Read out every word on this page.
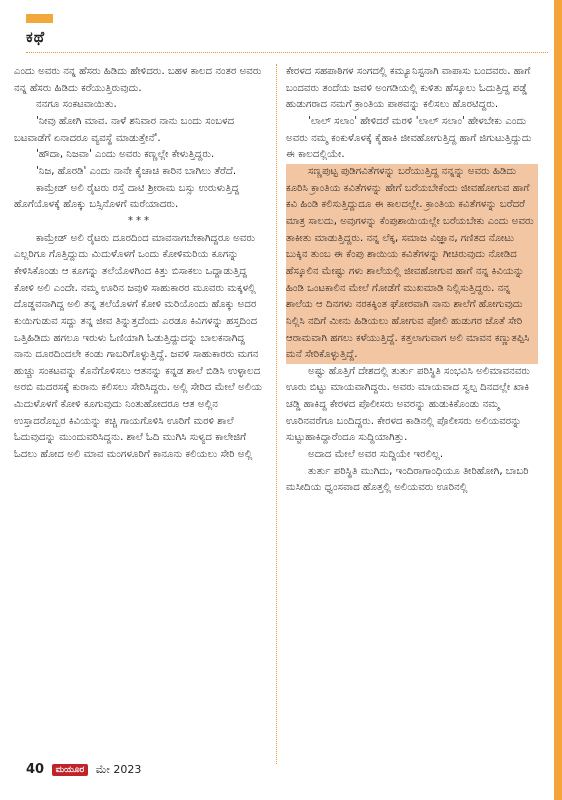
ಕಥೆ

ಎಂದು ಅವರು ನನ್ನ ಹೆಸರು ಹಿಡಿದು ಹೇಳಿದರು. ಬಹಳ ಕಾಲದ ನಂತರ ಅವರು ನನ್ನ ಹೆಸರು ಹಿಡಿದು ಕರೆಯುತ್ತಿರುವುದು.

ನನಗೂ ಸಂಕಟವಾಯಿತು.

'ನೀವು ಹೋಗಿ ಮಾವ. ನಾಳೆ ಶನಿವಾರ ನಾನು ಬಂದು ಸಂಬಳದ ಬಟವಾಡೆಗೆ ಏನಾದರೂ ವ್ಯವಸ್ಥೆ ಮಾಡುತ್ತೇನೆ'.

'ಹೌದಾ, ನಿಜವಾ' ಎಂದು ಅವರು ಕಣ್ಣಲ್ಲೇ ಕೇಳುತ್ತಿದ್ದರು.

'ನಿಜ, ಹೊರಡಿ' ಎಂದು ನಾನೇ ಕೈಚಾಚಿ ಕಾರಿನ ಬಾಗಿಲು ತೆರೆದೆ.

ಕಾಮ್ರೇಡ್ ಅಲಿ ರೈಟರು ರಸ್ತೆ ದಾಟಿ ಶ್ರೀರಾಮ ಬಸ್ಸು ಉರುಳುತ್ತಿದ್ದ ಹೊಗೆಯೊಳಕ್ಕೆ ಹೊಕ್ಕು ಬಸ್ಸಿನೊಳಗೆ ಮರೆಯಾದರು.

***

ಕಾಮ್ರೇಡ್ ಅಲಿ ರೈಟರು ದೂರದಿಂದ ಮಾವನಾಗಬೇಕಾಗಿದ್ದರೂ ಅವರು ಎಲ್ಲರಿಗೂ ಗೊತ್ತಿದ್ದುದು ಮಿದುಳೊಳಗೆ ಒಂದು ಕೋಳಿಮರಿಯ ಕೂಗನ್ನು ಕೇಳಿಸಿಕೊಂಡು ಆ ಕೂಗನ್ನು ತಲೆಯೊಳಗಿಂದ ಕಿತ್ತು ಬಿಸಾಕಲು ಒದ್ದಾಡುತ್ತಿದ್ದ ಕೋಳಿ ಅಲಿ ಎಂದೇ. ನಮ್ಮ ಊರಿನ ಜವುಳಿ ಸಾಹುಕಾರರ ಮೂವರು ಮಕ್ಕಳಲ್ಲಿ ದೊಡ್ಡವನಾಗಿದ್ದ ಅಲಿ ತನ್ನ ತಲೆಯೊಳಗೆ ಕೋಳಿ ಮರಿಯೊಂದು ಹೊಕ್ಕು ಅದರ ಕುಯಿಗುಡುವ ಸದ್ದು ತನ್ನ ಜೀವ ತಿನ್ನುತ್ತದೆಂದು ಎರಡೂ ಕಿವಿಗಳನ್ನು ಹಸ್ತದಿಂದ ಒತ್ತಿಹಿಡಿದು ಹಗಲೂ ಇರುಳು ಓಣಿಯಾಗಿ ಓಡುತ್ತಿದ್ದುದನ್ನು ಬಾಲಕನಾಗಿದ್ದ ನಾನು ದೂರದಿಂದಲೇ ಕಂಡು ಗಾಬರಿಗೊಳ್ಳುತ್ತಿದ್ದೆ. ಜವಳಿ ಸಾಹುಕಾರರು ಮಗನ ಹುಚ್ಚು ಸಂಕಟವನ್ನು ಕೊನೆಗೊಳಿಸಲು ಆತನನ್ನು ಕನ್ನಡ ಶಾಲೆ ಬಿಡಿಸಿ ಉಳ್ಳಾಲದ ಅರಬಿ ಮದರಸಕ್ಕೆ ಕುರಾನು ಕಲಿಸಲು ಸೇರಿಸಿದ್ದರು. ಅಲ್ಲಿ ಸೇರಿದ ಮೇಲೆ ಅಲಿಯ ಮಿದುಳೊಳಗೆ ಕೋಳಿ ಕೂಗುವುದು ನಿಂತುಹೋದರೂ ಆತ ಅಲ್ಲಿನ ಉಸ್ತಾದರೊಬ್ಬರ ಕಿವಿಯನ್ನು ಕಚ್ಚಿ ಗಾಯಗೊಳಿಸಿ ಊರಿಗೆ ಮರಳಿ ಶಾಲೆ ಓದುವುದನ್ನು ಮುಂದುವರಿಸಿದ್ದನು. ಶಾಲೆ ಓದಿ ಮುಗಿಸಿ ಸುಳ್ಯದ ಕಾಲೇಜಿಗೆ ಓದಲು ಹೋದ ಅಲಿ ಮಾವ ಮಂಗಳೂರಿಗೆ ಕಾನೂನು ಕಲಿಯಲು ಸೇರಿ ಅಲ್ಲಿ

ಕೇರಳದ ಸಹಪಾಠಿಗಳ ಸಂಗದಲ್ಲಿ ಕಮ್ಯೂನಿಸ್ಟನಾಗಿ ವಾಪಾಸು ಬಂದವರು. ಹಾಗೆ ಬಂದವರು ತಂದೆಯ ಜವಳಿ ಅಂಗಡಿಯಲ್ಲಿ ಕುಳಿತು ಹೆಸ್ಕೂಲು ಓದುತ್ತಿದ್ದ ಪಡ್ಡೆ ಹುಡುಗರಾದ ನಮಗೆ ಕ್ರಾಂತಿಯ ಪಾಠವನ್ನು ಕಲಿಸಲು ಹೊರಟಿದ್ದರು.

'ಲಾಲ್ ಸಲಾಂ' ಹೇಳಿದರೆ ಮರಳಿ 'ಲಾಲ್ ಸಲಾಂ' ಹೇಳಬೇಕು ಎಂದು ಅವರು ನಮ್ಮ ಕಂಕುಳೊಳಕ್ಕೆ ಕೈಹಾಕಿ ಜೀವಹೋಗುತ್ತಿದ್ದ ಹಾಗೆ ಜಿಗುಟುತ್ತಿದ್ದುದು ಈ ಕಾಲದಲ್ಲಿಯೇ.

ಸಣ್ಣಪುಟ್ಟ ಪುಡಿಗವಿತೆಗಳನ್ನು ಬರೆಯುತ್ತಿದ್ದ ನನ್ನನ್ನು ಅವರು ಹಿಡಿದು ಕೂರಿಸಿ ಕ್ರಾಂತಿಯ ಕವಿತೆಗಳನ್ನು ಹೇಗೆ ಬರೆಯಬೇಕೆಂದು ಜೀವಹೋಗುವ ಹಾಗೆ ಕವಿ ಹಿಂಡಿ ಕಲಿಸುತ್ತಿದ್ದುದೂ ಈ ಕಾಲದಲ್ಲೇ. ಕ್ರಾಂತಿಯ ಕವಿತೆಗಳನ್ನು ಬರೆದರೆ ಮಾತ್ರ ಸಾಲದು, ಅವುಗಳನ್ನು ಕೆಂಪುಶಾಯಿಯಲ್ಲೇ ಬರೆಯಬೇಕು ಎಂದು ಅವರು ತಾಕೀತು ಮಾಡುತ್ತಿದ್ದರು. ನನ್ನ ಲೆಕ್ಕ, ಸಮಾಜ ವಿಜ್ಞಾನ, ಗಣಿತದ ನೋಟು ಬುಕ್ಕಿನ ತುಂಬ ಈ ಕೆಂಪು ಶಾಯಿಯ ಕವಿತೆಗಳನ್ನು ಗೀಚಿರುವುದು ನೋಡಿದ ಹೆಸ್ಕೂಲಿನ ಮೇಷ್ಟು ಗಳು ಶಾಲೆಯಲ್ಲಿ ಜೀವಹೋಗುವ ಹಾಗೆ ನನ್ನ ಕಿವಿಯನ್ನು ಹಿಂಡಿ ಒಂಟಕಾಲಿನ ಮೇಲೆ ಗೋಡೆಗೆ ಮುಖಮಾಡಿ ನಿಲ್ಲಿಸುತ್ತಿದ್ದರು. ನನ್ನ ಶಾಲೆಯ ಆ ದಿನಗಳು ನರಕಕ್ಕಿಂತ ಘೋರವಾಗಿ ನಾನು ಶಾಲೆಗೆ ಹೋಗುವುದು ನಿಲ್ಲಿಸಿ ನದಿಗೆ ಮೀನು ಹಿಡಿಯಲು ಹೋಗುವ ಪೋಲಿ ಹುಡುಗರ ಜೊತೆ ಸೇರಿ ಆರಾಮವಾಗಿ ಹಗಲು ಕಳೆಯುತ್ತಿದ್ದೆ. ಕತ್ತಲಾಗುವಾಗ ಅಲಿ ಮಾವನ ಕಣ್ಣುತಪ್ಪಿಸಿ ಮನೆ ಸೇರಿಕೊಳ್ಳುತ್ತಿದ್ದೆ.

ಅಷ್ಟು ಹೊತ್ತಿಗೆ ದೇಶದಲ್ಲಿ ತುರ್ತು ಪರಿಸ್ಥಿತಿ ಸಂಭವಿಸಿ ಅಲಿಮಾವನವರು ಊರು ಬಿಟ್ಟು ಮಾಯವಾಗಿದ್ದರು. ಅವರು ಮಾಯವಾದ ಸ್ವಲ್ಪ ದಿನದಲ್ಲೇ ಖಾಕಿ ಚಡ್ಡಿ ಹಾಕಿದ್ದ ಕೇರಳದ ಪೊಲೀಸರು ಅವರನ್ನು ಹುಡುಕಿಕೊಂಡು ನಮ್ಮ ಊರಿನವರೆಗೂ ಬಂದಿದ್ದರು. ಕೇರಳದ ಕಾಡಿನಲ್ಲಿ ಪೊಲೀಸರು ಅಲಿಯವರನ್ನು ಸುಟ್ಟುಹಾಕಿದ್ದಾರೆಂದೂ ಸುದ್ದಿಯಾಗಿತ್ತು.

ಅದಾದ ಮೇಲೆ ಅವರ ಸುದ್ದಿಯೇ ಇರಲಿಲ್ಲ.

ತುರ್ತು ಪರಿಸ್ಥಿತಿ ಮುಗಿದು, ಇಂದಿರಾಗಾಂಧಿಯೂ ತೀರಿಹೋಗಿ, ಬಾಬರಿ ಮಸೀದಿಯ ಧ್ವಂಸವಾದ ಹೊತ್ತಲ್ಲಿ ಅಲಿಯವರು ಊರಿನಲ್ಲಿ

40 ಮಯೂರ ಮೇ 2023
